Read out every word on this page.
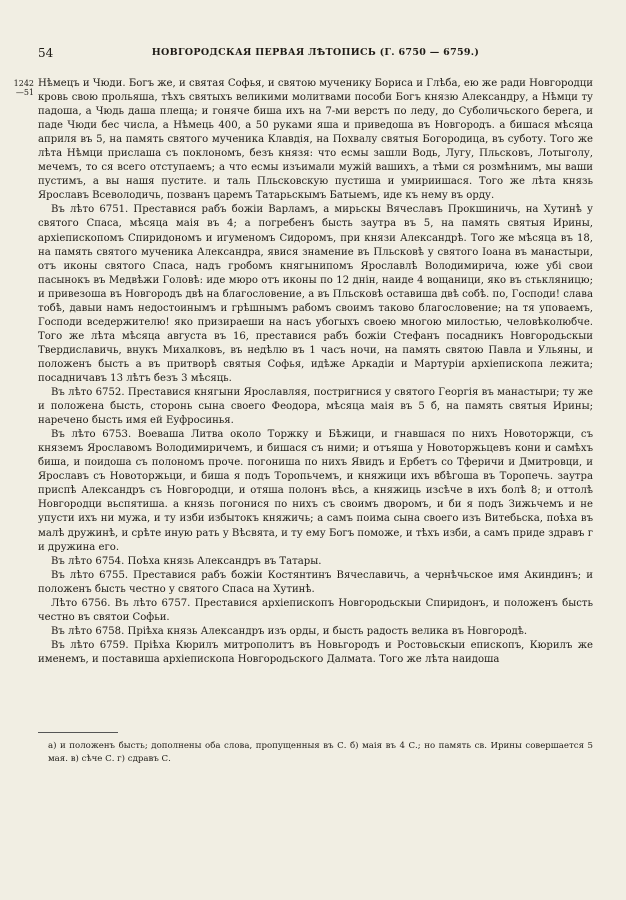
54	НОВГОРОДСКАЯ ПЕРВАЯ ЛѢТОПИСЬ (Г. 6750 — 6759.)
1242 —51

Нѣмецъ и Чюди. Богъ же, и святая Софья, и святою мученику Бориса и Глѣба, ею же ради Новгородци кровь свою прольяша, тѣхъ святыхъ великими молитвами пособи Богъ князю Александру, а Нѣмци ту падоша, а Чюдь даша плеща; и гоняче биша ихъ на 7-ми верстъ по леду, до Суболичьского берега, и паде Чюди бес числа, а Нѣмець 400, а 50 руками яша и приведоша въ Новгородъ. а бишася мѣсяца априля въ 5, на память святого мученика Клавдія, на Похвалу святыя Богородица, въ суботу. Того же лѣта Нѣмци прислаша съ поклономъ, безъ князя: что есмы зашли Водь, Лугу, Пльсковъ, Лотыголу, мечемъ, то ся всего отступаемъ; а что есмы изъимали мужій вашихъ, а тѣми ся розмѣнимъ, мы ваши пустимъ, а вы нашя пустите. и таль Пльсковскую пустиша и умириишася. Того же лѣта князь Ярославъ Всеволодичь, позванъ царемъ Татарьскымъ Батыемъ, иде къ нему въ орду.

Въ лѣто 6751. Преставися рабъ божіи Варламъ, а мирьскы Вячеславъ Прокшиничь, на Хутинѣ у святого Спаса, мѣсяца маія въ 4; а погребенъ бысть заутра въ 5, на память святыя Ирины, архіепископомъ Спиридономъ и игуменомъ Сидоромъ, при князи Александрѣ. Того же мѣсяца въ 18, на память святого мученика Александра, явися знамение въ Пльсковѣ у святого Іоана въ манастыри, отъ иконы святого Спаса, надъ гробомъ княгынипомъ Ярославлѣ Володимирича, юже убі свои пасынокъ въ Медвѣжи Головѣ: иде мюро отъ иконы по 12 днін, наиде 4 вощаници, яко въ стькляницю; и привезоша въ Новгородъ двѣ на благословение, а въ Пльсковѣ оставиша двѣ собѣ. по, Господи! слава тобѣ, давыи намъ недостоинымъ и грѣшнымъ рабомъ своимъ таково благословение; на тя уповаемъ, Господи вседержителю! яко призираеши на насъ убогыхъ своею многою милостью, человѣколюбче. Того же лѣта мѣсяца августа въ 16, преставися рабъ божіи Стефанъ посадникъ Новгородьскыи Твердиславичь, внукъ Михалковъ, въ недѣлю въ 1 часъ ночи, на память святою Павла и Ульяны, и положенъ бысть а въ притворѣ святыя Софья, идѣже Аркадіи и Мартуріи архіепископа лежита; посадничавъ 13 лѣтъ безъ 3 мѣсяць.

Въ лѣто 6752. Преставися княгыни Ярославляя, постригнися у святого Георгія въ манастыри; ту же и положена бысть, сторонь сына своего Феодора, мѣсяца маія въ 5 б, на память святыя Ирины; наречено бысть имя ей Еуфросинья.

Въ лѣто 6753. Воеваша Литва около Торжку и Бѣжици, и гнавшася по нихъ Новоторжци, съ княземъ Ярославомъ Володимиричемъ, и бишася съ ними; и отъяша у Новоторжьцевъ кони и самѣхъ биша, и поидоша съ полономъ проче. погониша по нихъ Явидъ и Ербетъ со Тферичи и Дмитровци, и Ярославъ съ Новоторжьци, и биша я подъ Торопьчемъ, и княжици ихъ вбѣгоша въ Торопечь. заутра приспѣ Александръ съ Новгородци, и отяша полонъ вѣсь, а княжиць изсѣче в ихъ болѣ 8; и оттолѣ Новгородци вьспятиша. а князь погонися по нихъ съ своимъ дворомъ, и би я подъ Зижьчемъ и не упусти ихъ ни мужа, и ту изби избытокъ княжичь; а самъ поима сына своего изъ Витебьска, поѣха въ малѣ дружинѣ, и срѣте иную рать у Вѣсвята, и ту ему Богъ поможе, и тѣхъ изби, а самъ приде здравъ г и дружина его.

Въ лѣто 6754. Поѣха князь Александръ въ Татары.

Въ лѣто 6755. Преставися рабъ божіи Костянтинъ Вячеславичь, а чернѣчьское имя Акиндинъ; и положенъ бысть честно у святого Спаса на Хутинѣ.

Лѣто 6756. Въ лѣто 6757. Преставися архіепископъ Новгородьскыи Спиридонъ, и положенъ бысть честно въ святои Софьи.

Въ лѣто 6758. Пріѣха князь Александръ изъ орды, и бысть радость велика въ Новгородѣ.

Въ лѣто 6759. Пріѣха Кюрилъ митрополитъ въ Новьгородъ и Ростовьскыи епископъ, Кюрилъ же именемъ, и поставиша архіепископа Новгородьского Далмата. Того же лѣта наидоша

а) и положенъ бысть; дополнены оба слова, пропущенныя въ С. б) маія въ 4 С.; но память св. Ирины совершается 5 мая. в) сѣче С. г) сдравъ С.
